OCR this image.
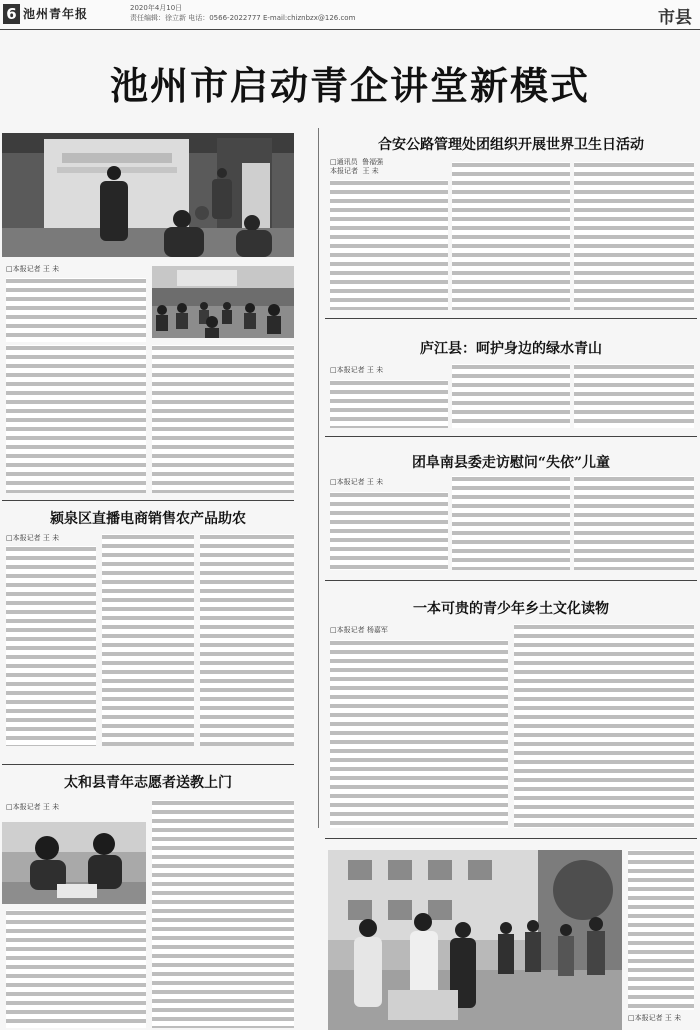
6 池州青年报	2020年4月10日
责任编辑：徐立新 电话：0566-2022777 E-mail:chiznbzx@126.com	市县
池州市启动青企讲堂新模式
□本报记者 王 未
颍泉区直播电商销售农产品助农
□本报记者 王 未
太和县青年志愿者送教上门
□本报记者 王 未
合安公路管理处团组织开展世界卫生日活动
□通讯员  鲁福强
本报记者  王 未
庐江县：呵护身边的绿水青山
□本报记者 王 未
团阜南县委走访慰问“失依”儿童
□本报记者 王 未
一本可贵的青少年乡土文化读物
□本报记者 杨嘉军
□本报记者 王 未
